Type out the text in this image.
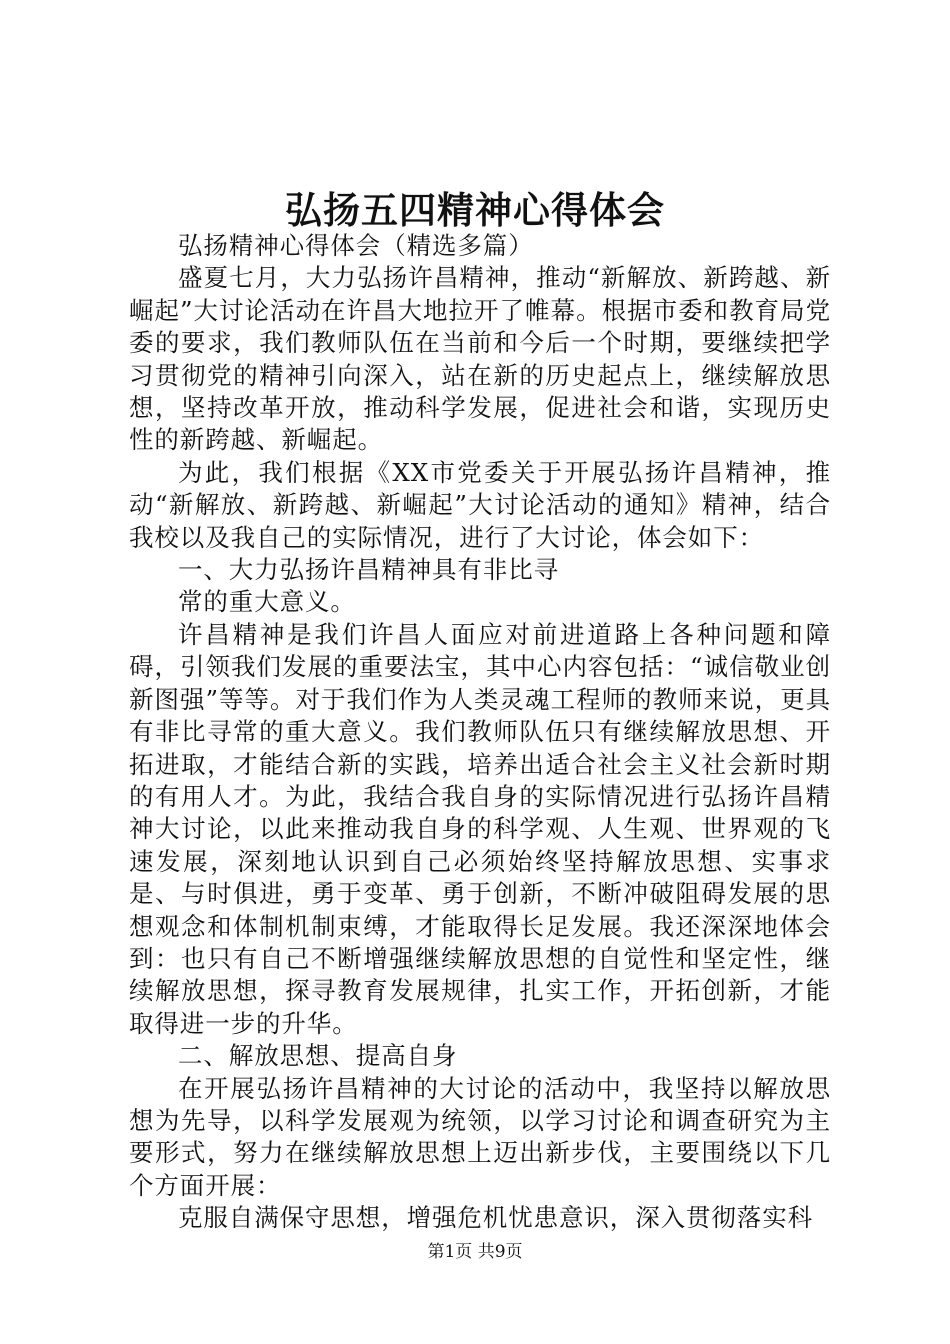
弘扬五四精神心得体会

弘扬精神心得体会（精选多篇）

盛夏七月，大力弘扬许昌精神，推动“新解放、新跨越、新崛起”大讨论活动在许昌大地拉开了帷幕。根据市委和教育局党委的要求，我们教师队伍在当前和今后一个时期，要继续把学习贯彻党的精神引向深入，站在新的历史起点上，继续解放思想，坚持改革开放，推动科学发展，促进社会和谐，实现历史性的新跨越、新崛起。

为此，我们根据《XX市党委关于开展弘扬许昌精神，推动“新解放、新跨越、新崛起”大讨论活动的通知》精神，结合我校以及我自己的实际情况，进行了大讨论，体会如下：

一、大力弘扬许昌精神具有非比寻

常的重大意义。

许昌精神是我们许昌人面应对前进道路上各种问题和障碍，引领我们发展的重要法宝，其中心内容包括：“诚信敬业创新图强”等等。对于我们作为人类灵魂工程师的教师来说，更具有非比寻常的重大意义。我们教师队伍只有继续解放思想、开拓进取，才能结合新的实践，培养出适合社会主义社会新时期的有用人才。为此，我结合我自身的实际情况进行弘扬许昌精神大讨论，以此来推动我自身的科学观、人生观、世界观的飞速发展，深刻地认识到自己必须始终坚持解放思想、实事求是、与时俱进，勇于变革、勇于创新，不断冲破阻碍发展的思想观念和体制机制束缚，才能取得长足发展。我还深深地体会到：也只有自己不断增强继续解放思想的自觉性和坚定性，继续解放思想，探寻教育发展规律，扎实工作，开拓创新，才能取得进一步的升华。

二、解放思想、提高自身

在开展弘扬许昌精神的大讨论的活动中，我坚持以解放思想为先导，以科学发展观为统领，以学习讨论和调查研究为主要形式，努力在继续解放思想上迈出新步伐，主要围绕以下几个方面开展：

克服自满保守思想，增强危机忧患意识，深入贯彻落实科

第1页 共9页
